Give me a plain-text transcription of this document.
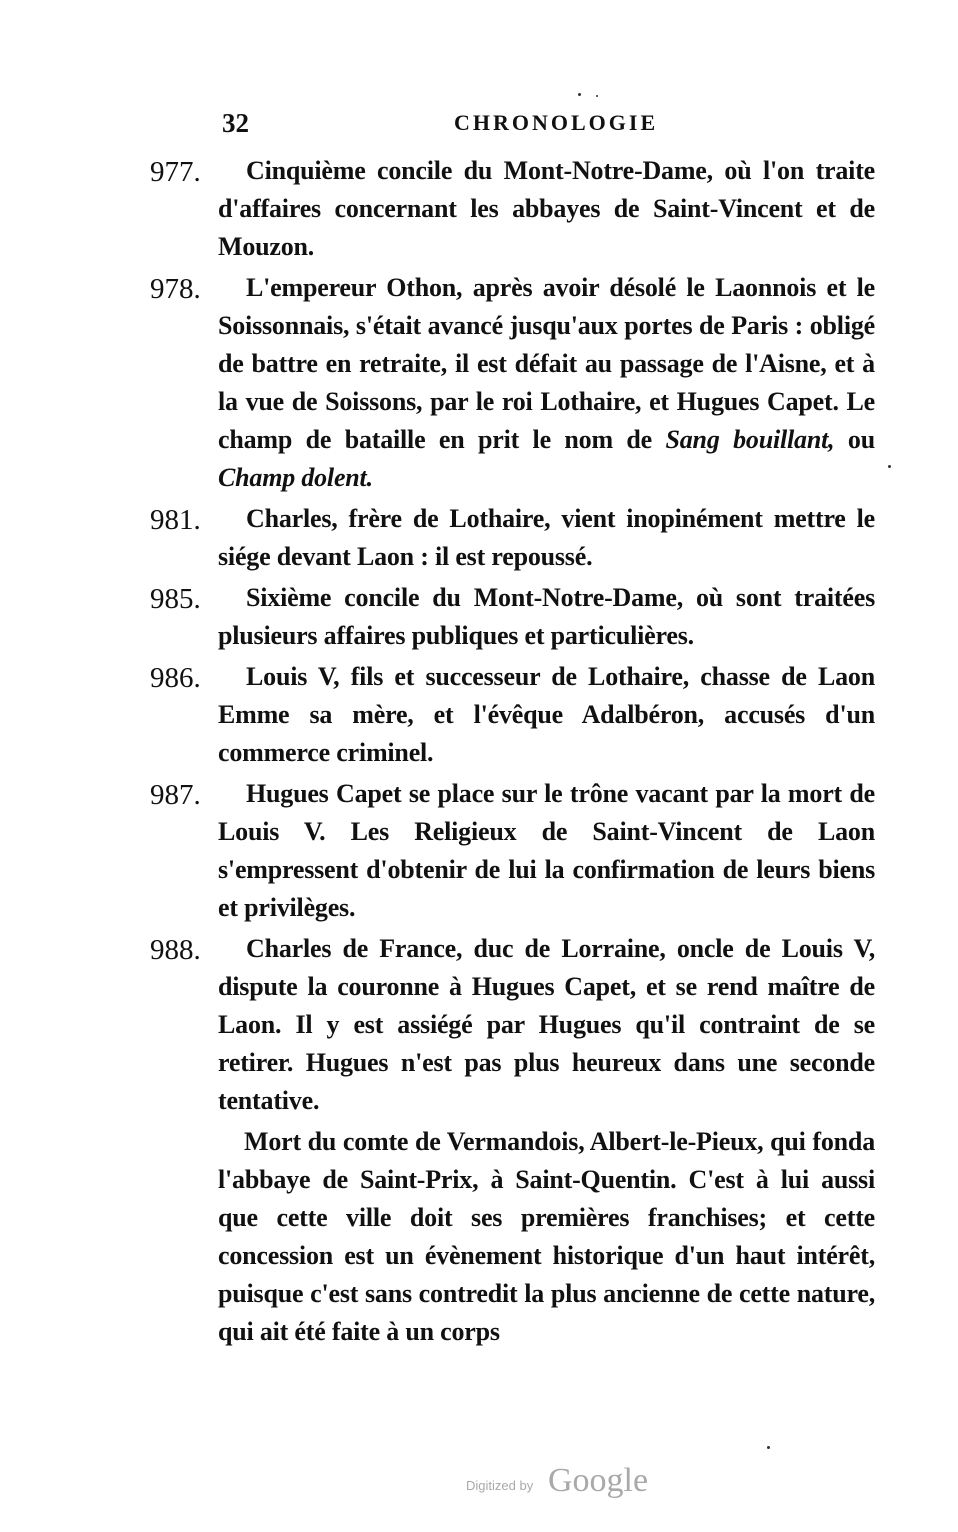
32	CHRONOLOGIE
977.	Cinquième concile du Mont-Notre-Dame, où l'on traite d'affaires concernant les abbayes de Saint-Vincent et de Mouzon.
978.	L'empereur Othon, après avoir désolé le Laonnois et le Soissonnais, s'était avancé jusqu'aux portes de Paris : obligé de battre en retraite, il est défait au passage de l'Aisne, et à la vue de Soissons, par le roi Lothaire, et Hugues Capet. Le champ de bataille en prit le nom de Sang bouillant, ou Champ dolent.
981.	Charles, frère de Lothaire, vient inopinément mettre le siége devant Laon : il est repoussé.
985.	Sixième concile du Mont-Notre-Dame, où sont traitées plusieurs affaires publiques et particulières.
986.	Louis V, fils et successeur de Lothaire, chasse de Laon Emme sa mère, et l'évêque Adalbéron, accusés d'un commerce criminel.
987.	Hugues Capet se place sur le trône vacant par la mort de Louis V. Les Religieux de Saint-Vincent de Laon s'empressent d'obtenir de lui la confirmation de leurs biens et privilèges.
988.	Charles de France, duc de Lorraine, oncle de Louis V, dispute la couronne à Hugues Capet, et se rend maître de Laon. Il y est assiégé par Hugues qu'il contraint de se retirer. Hugues n'est pas plus heureux dans une seconde tentative.
Mort du comte de Vermandois, Albert-le-Pieux, qui fonda l'abbaye de Saint-Prix, à Saint-Quentin. C'est à lui aussi que cette ville doit ses premières franchises; et cette concession est un évènement historique d'un haut intérêt, puisque c'est sans contredit la plus ancienne de cette nature, qui ait été faite à un corps
Digitized by Google
